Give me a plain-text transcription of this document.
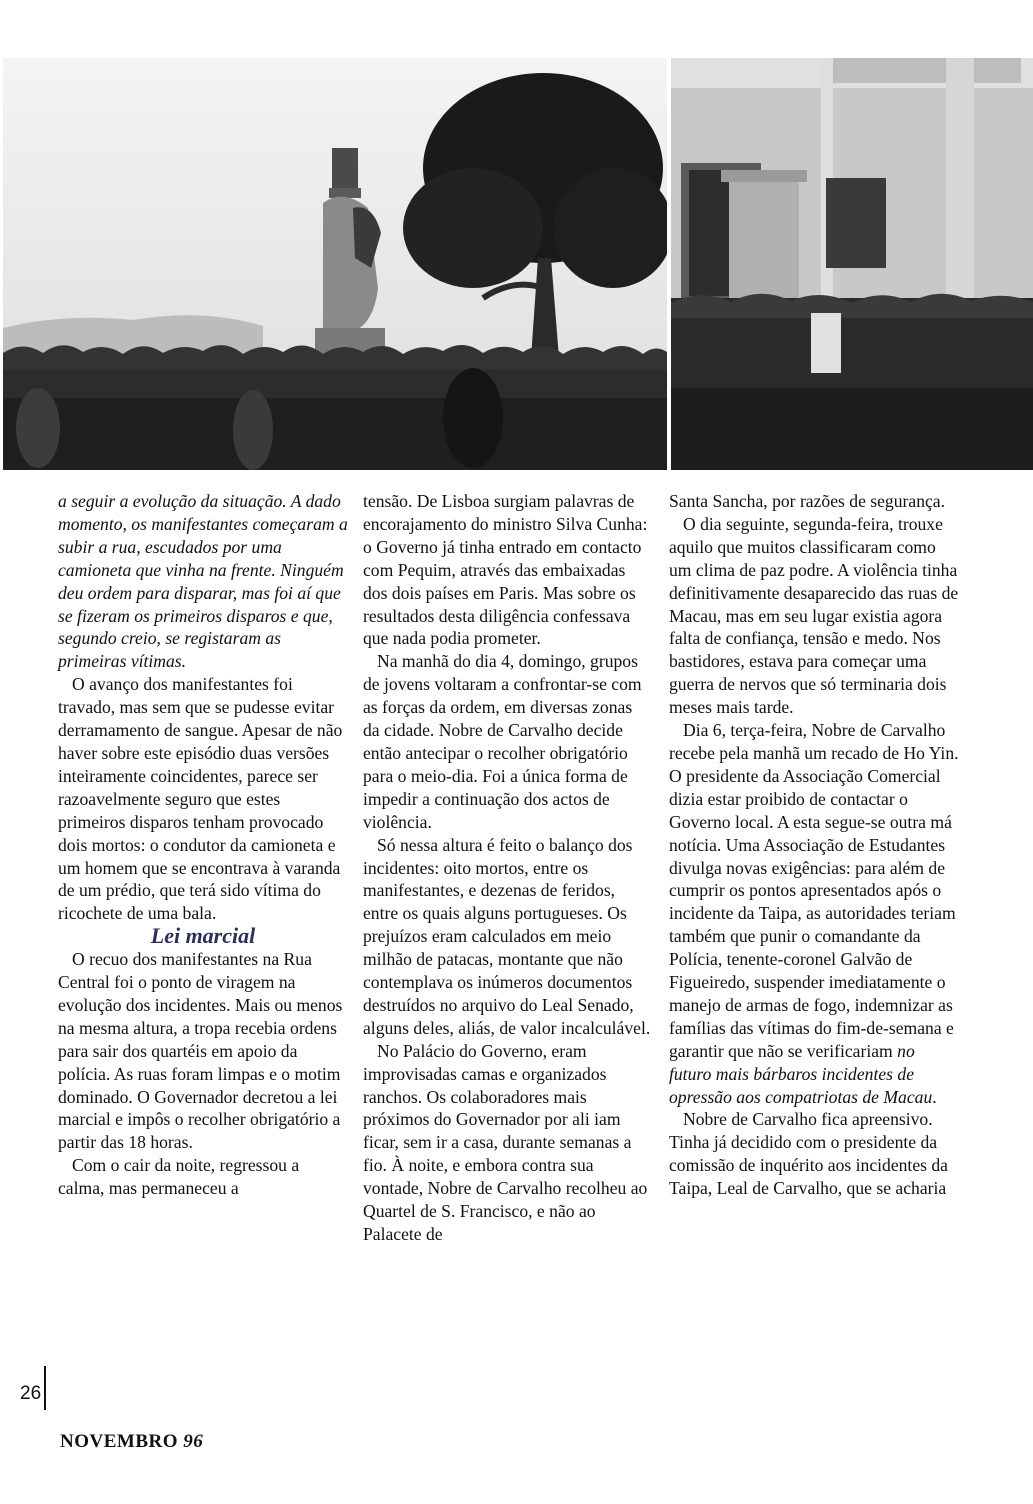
a seguir a evolução da situação. A dado momento, os manifestantes começaram a subir a rua, escudados por uma camioneta que vinha na frente. Ninguém deu ordem para disparar, mas foi aí que se fizeram os primeiros disparos e que, segundo creio, se registaram as primeiras vítimas.

O avanço dos manifestantes foi travado, mas sem que se pudesse evitar derramamento de sangue. Apesar de não haver sobre este episódio duas versões inteiramente coincidentes, parece ser razoavelmente seguro que estes primeiros disparos tenham provocado dois mortos: o condutor da camioneta e um homem que se encontrava à varanda de um prédio, que terá sido vítima do ricochete de uma bala.

Lei marcial

O recuo dos manifestantes na Rua Central foi o ponto de viragem na evolução dos incidentes. Mais ou menos na mesma altura, a tropa recebia ordens para sair dos quartéis em apoio da polícia. As ruas foram limpas e o motim dominado. O Governador decretou a lei marcial e impôs o recolher obrigatório a partir das 18 horas.

Com o cair da noite, regressou a calma, mas permaneceu a

tensão. De Lisboa surgiam palavras de encorajamento do ministro Silva Cunha: o Governo já tinha entrado em contacto com Pequim, através das embaixadas dos dois países em Paris. Mas sobre os resultados desta diligência confessava que nada podia prometer.

Na manhã do dia 4, domingo, grupos de jovens voltaram a confrontar-se com as forças da ordem, em diversas zonas da cidade. Nobre de Carvalho decide então antecipar o recolher obrigatório para o meio-dia. Foi a única forma de impedir a continuação dos actos de violência.

Só nessa altura é feito o balanço dos incidentes: oito mortos, entre os manifestantes, e dezenas de feridos, entre os quais alguns portugueses. Os prejuízos eram calculados em meio milhão de patacas, montante que não contemplava os inúmeros documentos destruídos no arquivo do Leal Senado, alguns deles, aliás, de valor incalculável.

No Palácio do Governo, eram improvisadas camas e organizados ranchos. Os colaboradores mais próximos do Governador por ali iam ficar, sem ir a casa, durante semanas a fio. À noite, e embora contra sua vontade, Nobre de Carvalho recolheu ao Quartel de S. Francisco, e não ao Palacete de

Santa Sancha, por razões de segurança.

O dia seguinte, segunda-feira, trouxe aquilo que muitos classificaram como um clima de paz podre. A violência tinha definitivamente desaparecido das ruas de Macau, mas em seu lugar existia agora falta de confiança, tensão e medo. Nos bastidores, estava para começar uma guerra de nervos que só terminaria dois meses mais tarde.

Dia 6, terça-feira, Nobre de Carvalho recebe pela manhã um recado de Ho Yin. O presidente da Associação Comercial dizia estar proibido de contactar o Governo local. A esta segue-se outra má notícia. Uma Associação de Estudantes divulga novas exigências: para além de cumprir os pontos apresentados após o incidente da Taipa, as autoridades teriam também que punir o comandante da Polícia, tenente-coronel Galvão de Figueiredo, suspender imediatamente o manejo de armas de fogo, indemnizar as famílias das vítimas do fim-de-semana e garantir que não se verificariam no futuro mais bárbaros incidentes de opressão aos compatriotas de Macau.

Nobre de Carvalho fica apreensivo. Tinha já decidido com o presidente da comissão de inquérito aos incidentes da Taipa, Leal de Carvalho, que se acharia

26
NOVEMBRO 96
